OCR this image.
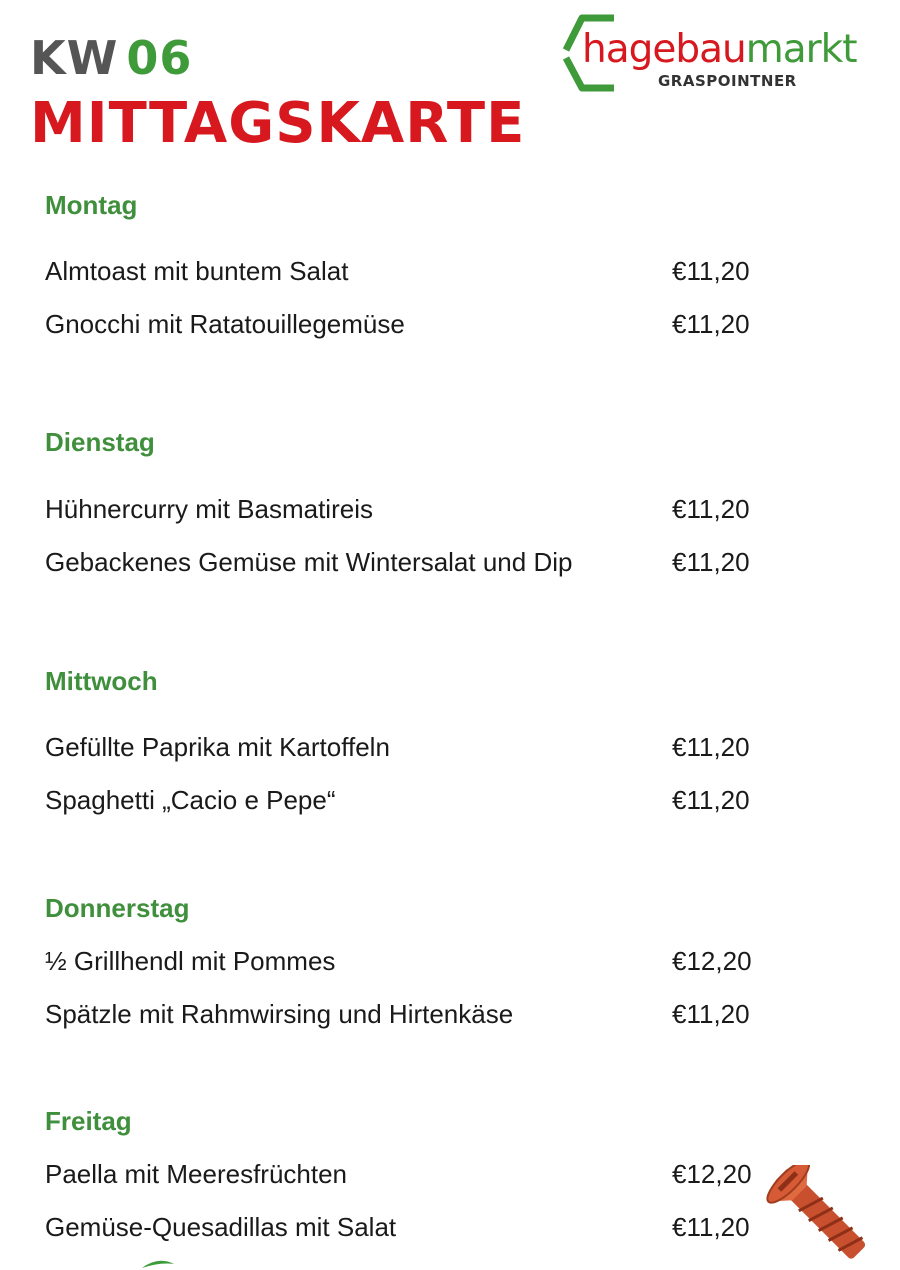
KW 06
MITTAGSKARTE
hagebaumarkt
GRASPOINTNER
Montag
Almtoast mit buntem Salat	€11,20
Gnocchi mit Ratatouillegemüse	€11,20
Dienstag
Hühnercurry mit Basmatireis	€11,20
Gebackenes Gemüse mit Wintersalat und Dip	€11,20
Mittwoch
Gefüllte Paprika mit Kartoffeln	€11,20
Spaghetti „Cacio e Pepe“	€11,20
Donnerstag
½ Grillhendl mit Pommes	€12,20
Spätzle mit Rahmwirsing und Hirtenkäse	€11,20
Freitag
Paella mit Meeresfrüchten	€12,20
Gemüse-Quesadillas mit Salat	€11,20
